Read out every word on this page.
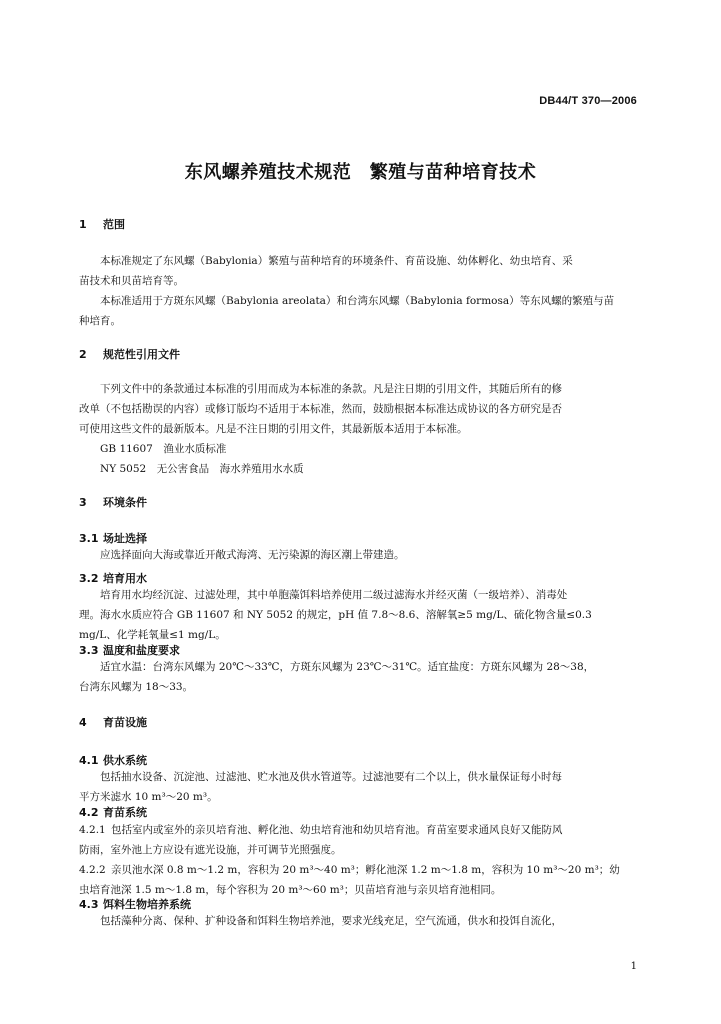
DB44/T 370—2006
东风螺养殖技术规范　繁殖与苗种培育技术
1 范围
本标准规定了东风螺（Babylonia）繁殖与苗种培育的环境条件、育苗设施、幼体孵化、幼虫培育、采
苗技术和贝苗培育等。
本标准适用于方斑东风螺（Babylonia areolata）和台湾东风螺（Babylonia formosa）等东风螺的繁殖与苗
种培育。
2 规范性引用文件
下列文件中的条款通过本标准的引用而成为本标准的条款。凡是注日期的引用文件，其随后所有的修
改单（不包括勘误的内容）或修订版均不适用于本标准，然而，鼓励根据本标准达成协议的各方研究是否
可使用这些文件的最新版本。凡是不注日期的引用文件，其最新版本适用于本标准。
GB 11607　渔业水质标准
NY 5052　无公害食品　海水养殖用水水质
3 环境条件
3.1 场址选择
应选择面向大海或靠近开敞式海湾、无污染源的海区潮上带建造。
3.2 培育用水
培育用水均经沉淀、过滤处理，其中单胞藻饵料培养使用二级过滤海水并经灭菌（一级培养）、消毒处
理。海水水质应符合 GB 11607 和 NY 5052 的规定，pH 值 7.8～8.6、溶解氧≥5 mg/L、硫化物含量≤0.3
mg/L、化学耗氧量≤1 mg/L。
3.3 温度和盐度要求
适宜水温：台湾东风螺为 20℃～33℃，方斑东风螺为 23℃～31℃。适宜盐度：方斑东风螺为 28～38，
台湾东风螺为 18～33。
4 育苗设施
4.1 供水系统
包括抽水设备、沉淀池、过滤池、贮水池及供水管道等。过滤池要有二个以上，供水量保证每小时每
平方米滤水 10 m³～20 m³。
4.2 育苗系统
4.2.1 包括室内或室外的亲贝培育池、孵化池、幼虫培育池和幼贝培育池。育苗室要求通风良好又能防风
防雨，室外池上方应设有遮光设施，并可调节光照强度。
4.2.2 亲贝池水深 0.8 m～1.2 m，容积为 20 m³～40 m³；孵化池深 1.2 m～1.8 m，容积为 10 m³～20 m³；幼
虫培育池深 1.5 m～1.8 m，每个容积为 20 m³～60 m³；贝苗培育池与亲贝培育池相同。
4.3 饵料生物培养系统
包括藻种分离、保种、扩种设备和饵料生物培养池，要求光线充足，空气流通，供水和投饵自流化，
1
